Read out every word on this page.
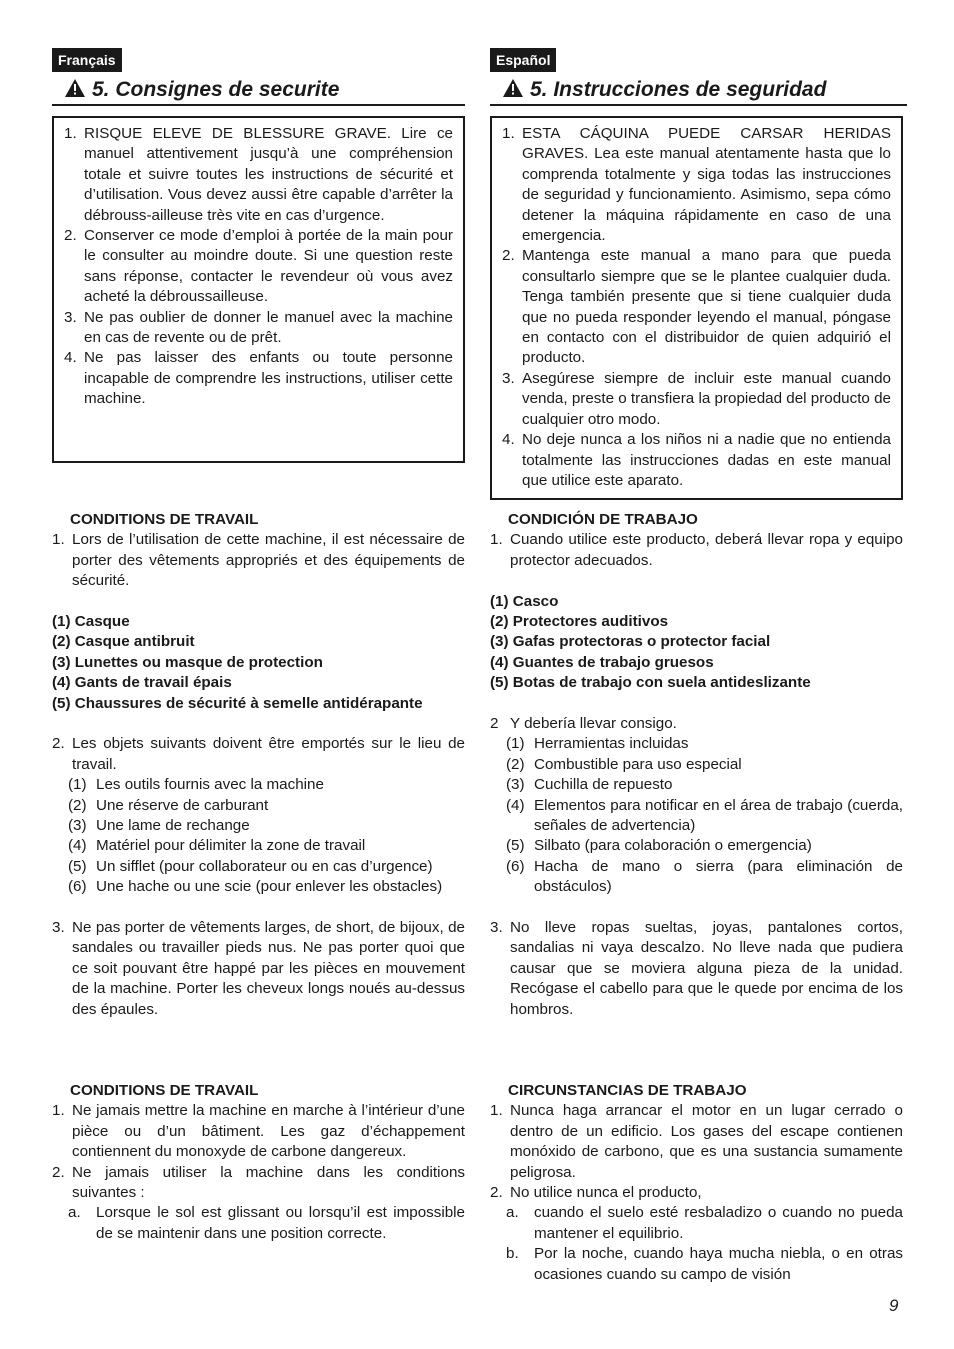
Français
5. Consignes de securite
1. RISQUE ELEVE DE BLESSURE GRAVE. Lire ce manuel attentivement jusqu’à une compréhension totale et suivre toutes les instructions de sécurité et d’utilisation. Vous devez aussi être capable d’arrêter la débrouss-ailleuse très vite en cas d’urgence.
2. Conserver ce mode d’emploi à portée de la main pour le consulter au moindre doute. Si une question reste sans réponse, contacter le revendeur où vous avez acheté la débroussailleuse.
3. Ne pas oublier de donner le manuel avec la machine en cas de revente ou de prêt.
4. Ne pas laisser des enfants ou toute personne incapable de comprendre les instructions, utiliser cette machine.
CONDITIONS DE TRAVAIL
1. Lors de l’utilisation de cette machine, il est nécessaire de porter des vêtements appropriés et des équipements de sécurité.
(1) Casque
(2) Casque antibruit
(3) Lunettes ou masque de protection
(4) Gants de travail épais
(5) Chaussures de sécurité à semelle antidérapante
2. Les objets suivants doivent être emportés sur le lieu de travail.
(1) Les outils fournis avec la machine
(2) Une réserve de carburant
(3) Une lame de rechange
(4) Matériel pour délimiter la zone de travail
(5) Un sifflet (pour collaborateur ou en cas d’urgence)
(6) Une hache ou une scie (pour enlever les obstacles)
3. Ne pas porter de vêtements larges, de short, de bijoux, de sandales ou travailler pieds nus. Ne pas porter quoi que ce soit pouvant être happé par les pièces en mouvement de la machine. Porter les cheveux longs noués au-dessus des épaules.
CONDITIONS DE TRAVAIL
1. Ne jamais mettre la machine en marche à l’intérieur d’une pièce ou d’un bâtiment. Les gaz d’échappement contiennent du monoxyde de carbone dangereux.
2. Ne jamais utiliser la machine dans les conditions suivantes :
a.	Lorsque le sol est glissant ou lorsqu’il est impossible de se maintenir dans une position correcte.
Español
5. Instrucciones de seguridad
1. ESTA CÁQUINA PUEDE CARSAR HERIDAS GRAVES. Lea este manual atentamente hasta que lo comprenda totalmente y siga todas las instrucciones de seguridad y funcionamiento. Asimismo, sepa cómo detener la máquina rápidamente en caso de una emergencia.
2. Mantenga este manual a mano para que pueda consultarlo siempre que se le plantee cualquier duda. Tenga también presente que si tiene cualquier duda que no pueda responder leyendo el manual, póngase en contacto con el distribuidor de quien adquirió el producto.
3. Asegúrese siempre de incluir este manual cuando venda, preste o transfiera la propiedad del producto de cualquier otro modo.
4. No deje nunca a los niños ni a nadie que no entienda totalmente las instrucciones dadas en este manual que utilice este aparato.
CONDICIÓN DE TRABAJO
1. Cuando utilice este producto, deberá llevar ropa y equipo protector adecuados.
(1) Casco
(2) Protectores auditivos
(3) Gafas protectoras o protector facial
(4) Guantes de trabajo gruesos
(5) Botas de trabajo con suela antideslizante
2 Y debería llevar consigo.
(1) Herramientas incluidas
(2) Combustible para uso especial
(3) Cuchilla de repuesto
(4) Elementos para notificar en el área de trabajo (cuerda, señales de advertencia)
(5) Silbato (para colaboración o emergencia)
(6) Hacha de mano o sierra (para eliminación de obstáculos)
3. No lleve ropas sueltas, joyas, pantalones cortos, sandalias ni vaya descalzo. No lleve nada que pudiera causar que se moviera alguna pieza de la unidad. Recógase el cabello para que le quede por encima de los hombros.
CIRCUNSTANCIAS DE TRABAJO
1. Nunca haga arrancar el motor en un lugar cerrado o dentro de un edificio. Los gases del escape contienen monóxido de carbono, que es una sustancia sumamente peligrosa.
2. No utilice nunca el producto,
a.	cuando el suelo esté resbaladizo o cuando no pueda mantener el equilibrio.
b.	Por la noche, cuando haya mucha niebla, o en otras ocasiones cuando su campo de visión
9
